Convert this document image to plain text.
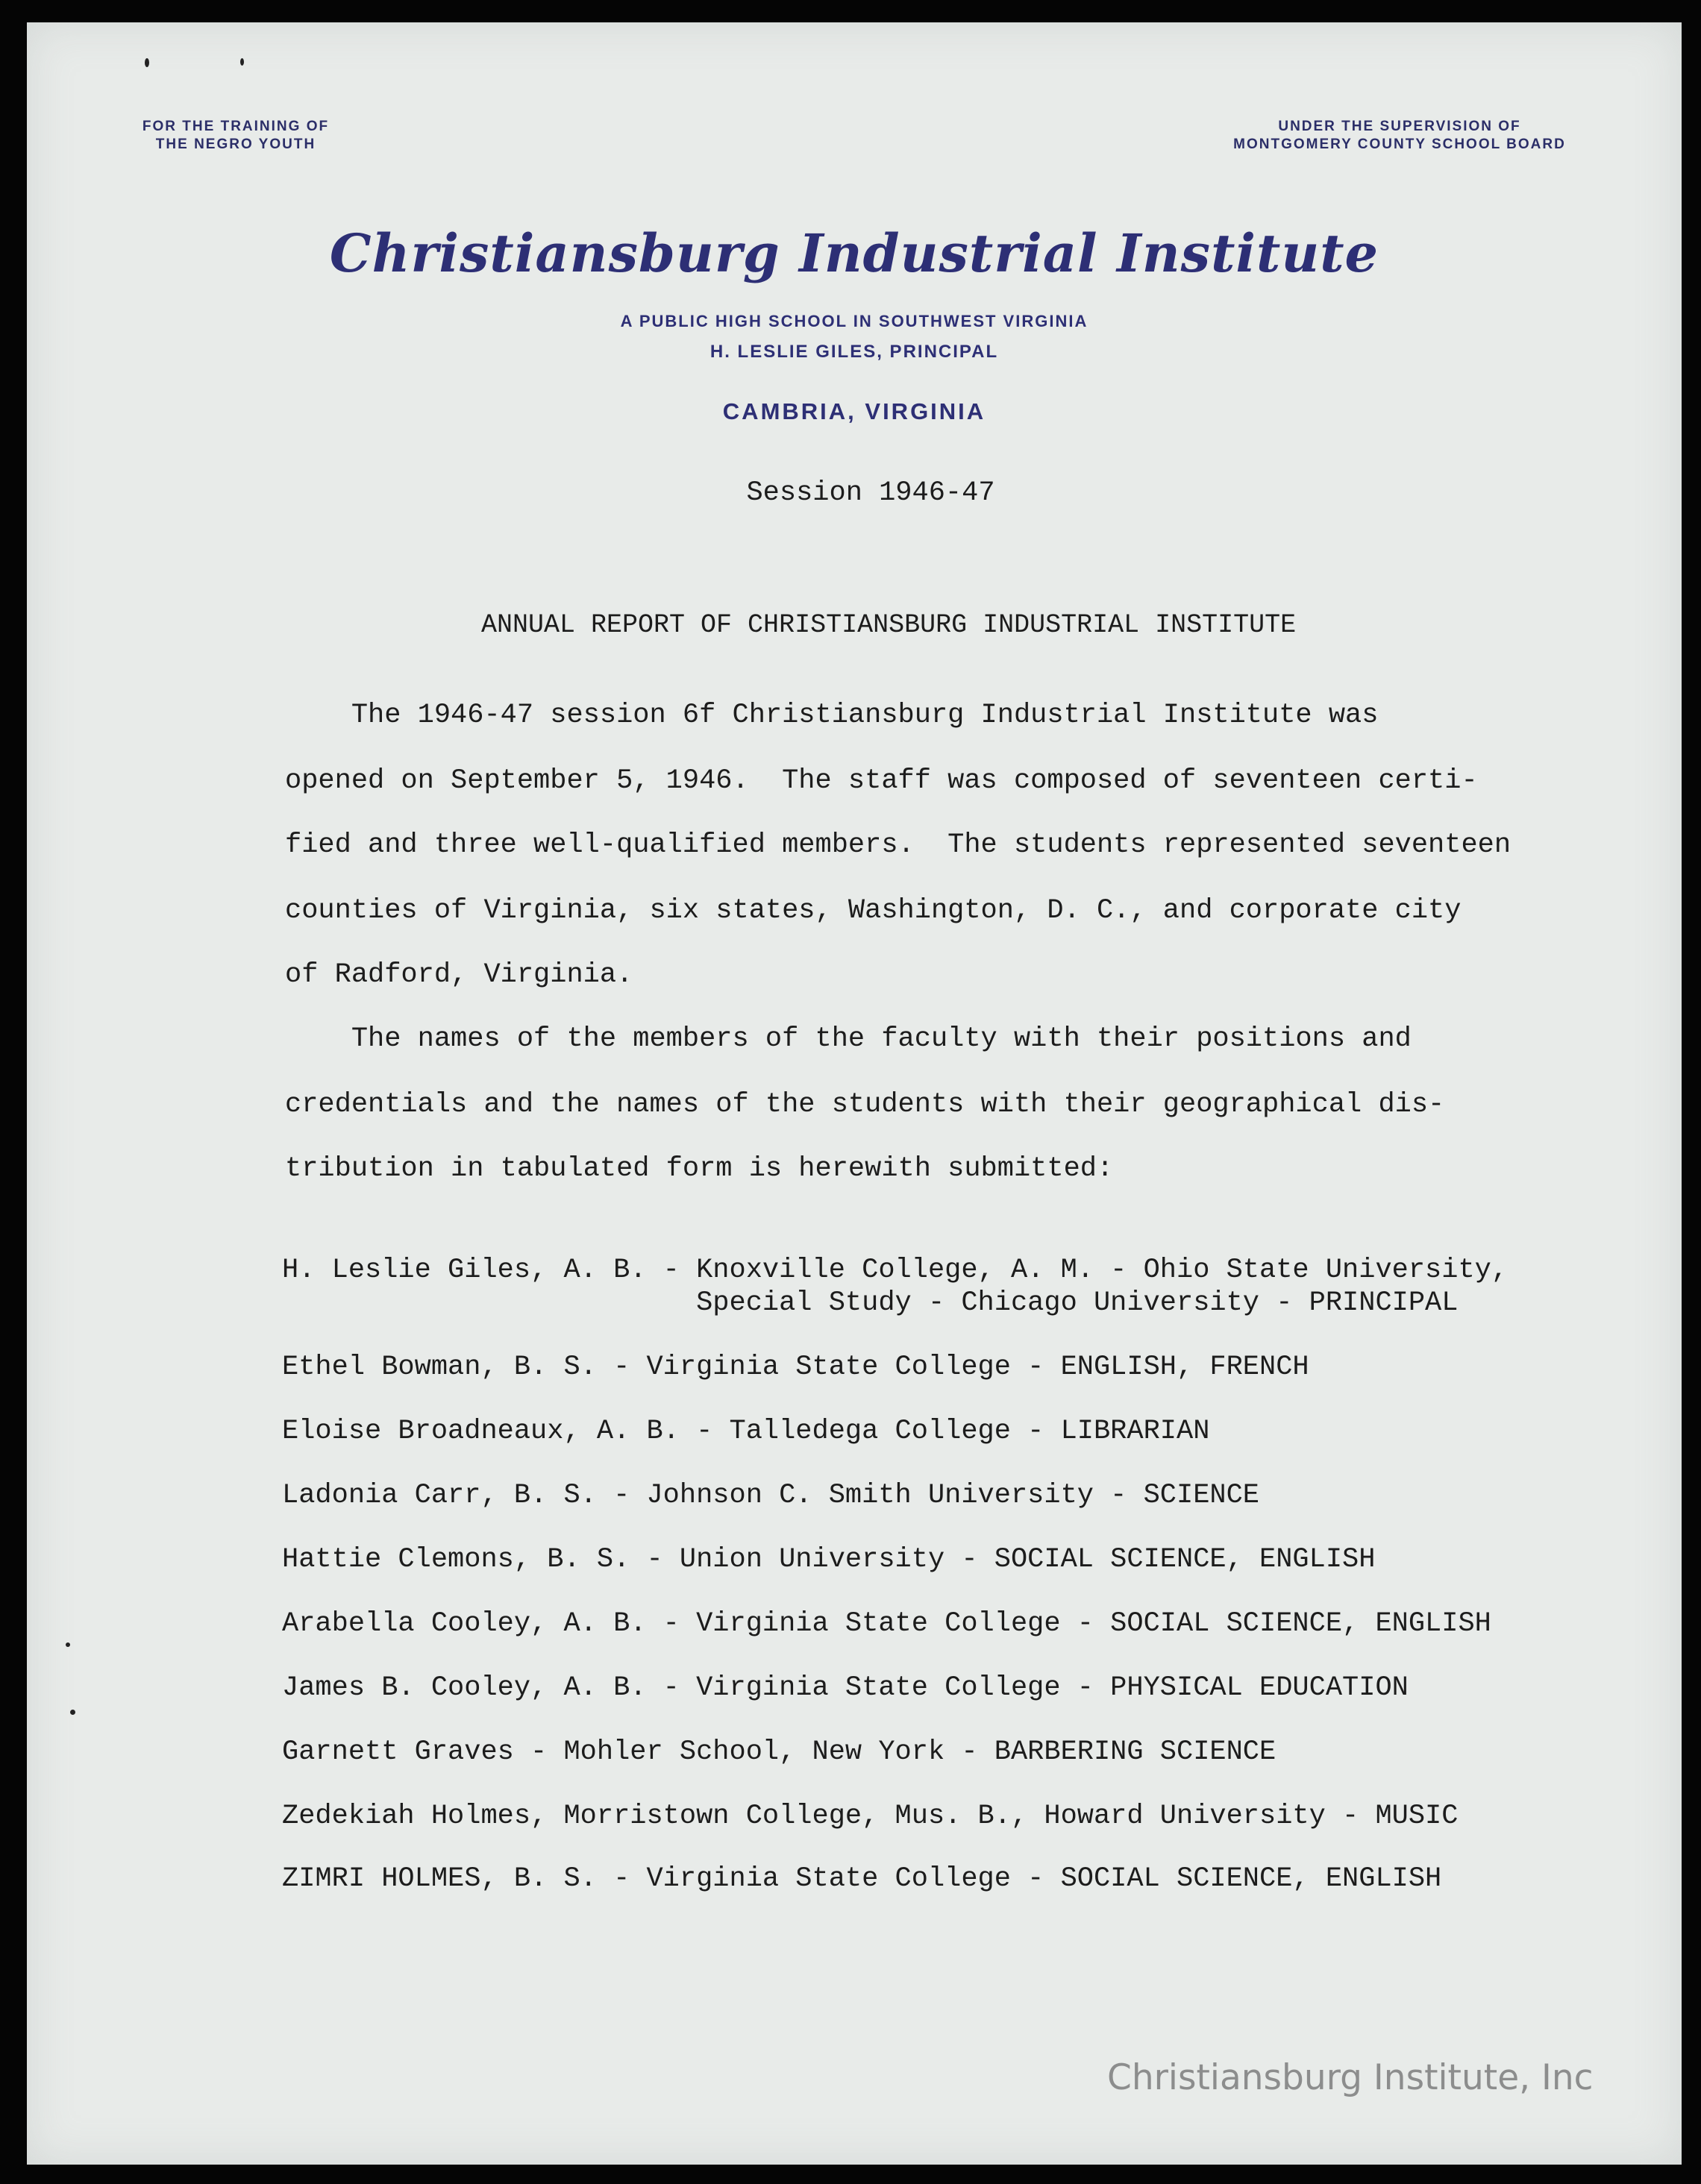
FOR THE TRAINING OF
THE NEGRO YOUTH
UNDER THE SUPERVISION OF
MONTGOMERY COUNTY SCHOOL BOARD
Christiansburg Industrial Institute
A PUBLIC HIGH SCHOOL IN SOUTHWEST VIRGINIA
H. LESLIE GILES, PRINCIPAL
CAMBRIA, VIRGINIA
Session 1946-47
ANNUAL REPORT OF CHRISTIANSBURG INDUSTRIAL INSTITUTE
The 1946-47 session 6f Christiansburg Industrial Institute was
opened on September 5, 1946.  The staff was composed of seventeen certi-
fied and three well-qualified members.  The students represented seventeen
counties of Virginia, six states, Washington, D. C., and corporate city
of Radford, Virginia.
The names of the members of the faculty with their positions and
credentials and the names of the students with their geographical dis-
tribution in tabulated form is herewith submitted:
H. Leslie Giles, A. B. - Knoxville College, A. M. - Ohio State University,
Special Study - Chicago University - PRINCIPAL
Ethel Bowman, B. S. - Virginia State College - ENGLISH, FRENCH
Eloise Broadneaux, A. B. - Talledega College - LIBRARIAN
Ladonia Carr, B. S. - Johnson C. Smith University - SCIENCE
Hattie Clemons, B. S. - Union University - SOCIAL SCIENCE, ENGLISH
Arabella Cooley, A. B. - Virginia State College - SOCIAL SCIENCE, ENGLISH
James B. Cooley, A. B. - Virginia State College - PHYSICAL EDUCATION
Garnett Graves - Mohler School, New York - BARBERING SCIENCE
Zedekiah Holmes, Morristown College, Mus. B., Howard University - MUSIC
ZIMRI HOLMES, B. S. - Virginia State College - SOCIAL SCIENCE, ENGLISH
Christiansburg Institute, Inc
